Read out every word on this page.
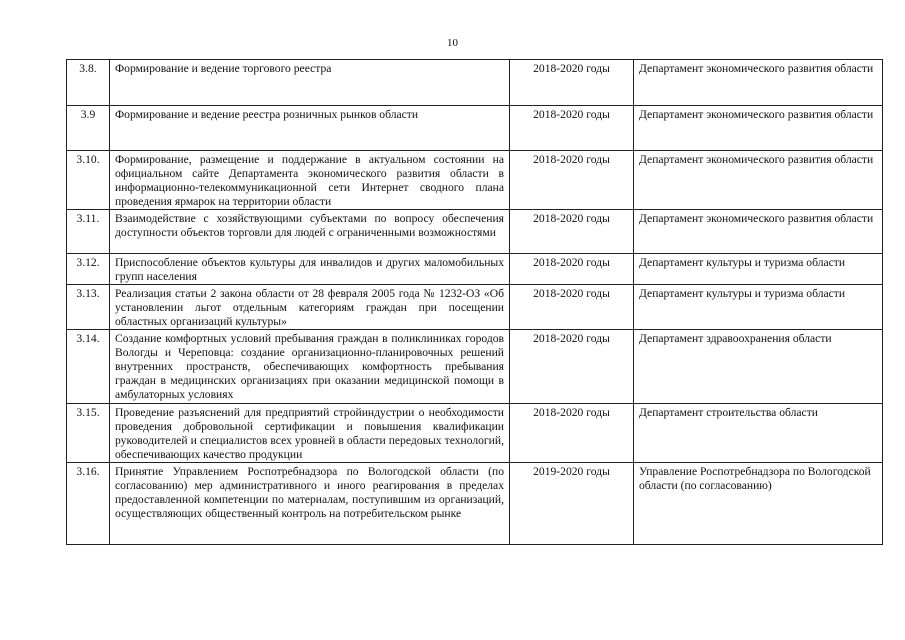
10
3.8.	Формирование и ведение торгового реестра	2018-2020 годы	Департамент экономического развития области
3.9	Формирование и ведение реестра розничных рынков области	2018-2020 годы	Департамент экономического развития области
3.10.	Формирование, размещение и поддержание в актуальном состоянии на официальном сайте Департамента экономического развития области в информационно-телекоммуникационной сети Интернет сводного плана проведения ярмарок на территории области	2018-2020 годы	Департамент экономического развития области
3.11.	Взаимодействие с хозяйствующими субъектами по вопросу обеспечения доступности объектов торговли для людей с ограниченными возможностями	2018-2020 годы	Департамент экономического развития области
3.12.	Приспособление объектов культуры для инвалидов и других маломобильных групп населения	2018-2020 годы	Департамент культуры и туризма области
3.13.	Реализация статьи 2 закона области от 28 февраля 2005 года № 1232-ОЗ «Об установлении льгот отдельным категориям граждан при посещении областных организаций культуры»	2018-2020 годы	Департамент культуры и туризма области
3.14.	Создание комфортных условий пребывания граждан в поликлиниках городов Вологды и Череповца: создание организационно-планировочных решений внутренних пространств, обеспечивающих комфортность пребывания граждан в медицинских организациях при оказании медицинской помощи в амбулаторных условиях	2018-2020 годы	Департамент здравоохранения области
3.15.	Проведение разъяснений для предприятий стройиндустрии о необходимости проведения добровольной сертификации и повышения квалификации руководителей и специалистов всех уровней в области передовых технологий, обеспечивающих качество продукции	2018-2020 годы	Департамент строительства области
3.16.	Принятие Управлением Роспотребнадзора по Вологодской области (по согласованию) мер административного и иного реагирования в пределах предоставленной компетенции по материалам, поступившим из организаций, осуществляющих общественный контроль на потребительском рынке	2019-2020 годы	Управление Роспотребнадзора по Вологодской области (по согласованию)
